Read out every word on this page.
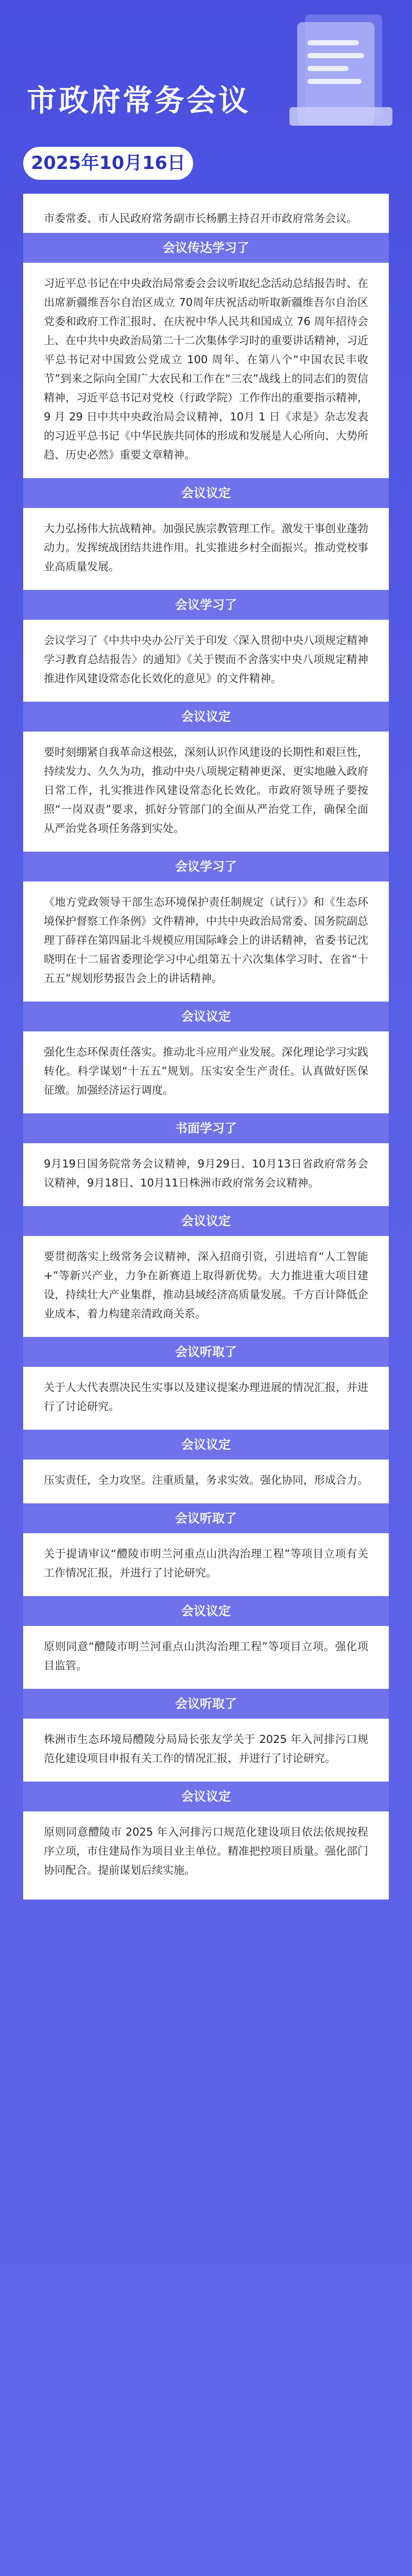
市政府常务会议
2025年10月16日
市委常委、市人民政府常务副市长杨鹏主持召开市政府常务会议。
会议传达学习了
习近平总书记在中央政治局常委会会议听取纪念活动总结报告时、在出席新疆维吾尔自治区成立 70周年庆祝活动听取新疆维吾尔自治区党委和政府工作汇报时、在庆祝中华人民共和国成立 76 周年招待会上、在中共中央政治局第二十二次集体学习时的重要讲话精神，习近平总书记对中国致公党成立 100 周年、在第八个“中国农民丰收节”到来之际向全国广大农民和工作在“三农”战线上的同志们的贺信精神，习近平总书记对党校（行政学院）工作作出的重要指示精神，9 月 29 日中共中央政治局会议精神，10月 1 日《求是》杂志发表的习近平总书记《中华民族共同体的形成和发展是人心所向、大势所趋、历史必然》重要文章精神。
会议议定
大力弘扬伟大抗战精神。加强民族宗教管理工作。激发干事创业蓬勃动力。发挥统战团结共进作用。扎实推进乡村全面振兴。推动党校事业高质量发展。
会议学习了
会议学习了《中共中央办公厅关于印发〈深入贯彻中央八项规定精神学习教育总结报告〉的通知》《关于锲而不舍落实中央八项规定精神 推进作风建设常态化长效化的意见》的文件精神。
会议议定
要时刻绷紧自我革命这根弦，深刻认识作风建设的长期性和艰巨性，持续发力、久久为功，推动中央八项规定精神更深、更实地融入政府日常工作，扎实推进作风建设常态化长效化。市政府领导班子要按照“一岗双责”要求，抓好分管部门的全面从严治党工作，确保全面从严治党各项任务落到实处。
会议学习了
《地方党政领导干部生态环境保护责任制规定（试行）》和《生态环境保护督察工作条例》文件精神，中共中央政治局常委、国务院副总理丁薛祥在第四届北斗规模应用国际峰会上的讲话精神，省委书记沈晓明在十二届省委理论学习中心组第五十六次集体学习时、在省“十五五”规划形势报告会上的讲话精神。
会议议定
强化生态环保责任落实。推动北斗应用产业发展。深化理论学习实践转化。科学谋划“十五五”规划。压实安全生产责任。认真做好医保征缴。加强经济运行调度。
书面学习了
9月19日国务院常务会议精神，9月29日、10月13日省政府常务会议精神，9月18日、10月11日株洲市政府常务会议精神。
会议议定
要贯彻落实上级常务会议精神，深入招商引资，引进培育“人工智能+”等新兴产业，力争在新赛道上取得新优势。大力推进重大项目建设，持续壮大产业集群，推动县域经济高质量发展。千方百计降低企业成本，着力构建亲清政商关系。
会议听取了
关于人大代表票决民生实事以及建议提案办理进展的情况汇报，并进行了讨论研究。
会议议定
压实责任，全力攻坚。注重质量，务求实效。强化协同，形成合力。
会议听取了
关于提请审议“醴陵市明兰河重点山洪沟治理工程”等项目立项有关工作情况汇报，并进行了讨论研究。
会议议定
原则同意“醴陵市明兰河重点山洪沟治理工程”等项目立项。强化项目监管。
会议听取了
株洲市生态环境局醴陵分局局长张友学关于 2025 年入河排污口规范化建设项目申报有关工作的情况汇报，并进行了讨论研究。
会议议定
原则同意醴陵市 2025 年入河排污口规范化建设项目依法依规按程序立项，市住建局作为项目业主单位。精准把控项目质量。强化部门协同配合。提前谋划后续实施。
